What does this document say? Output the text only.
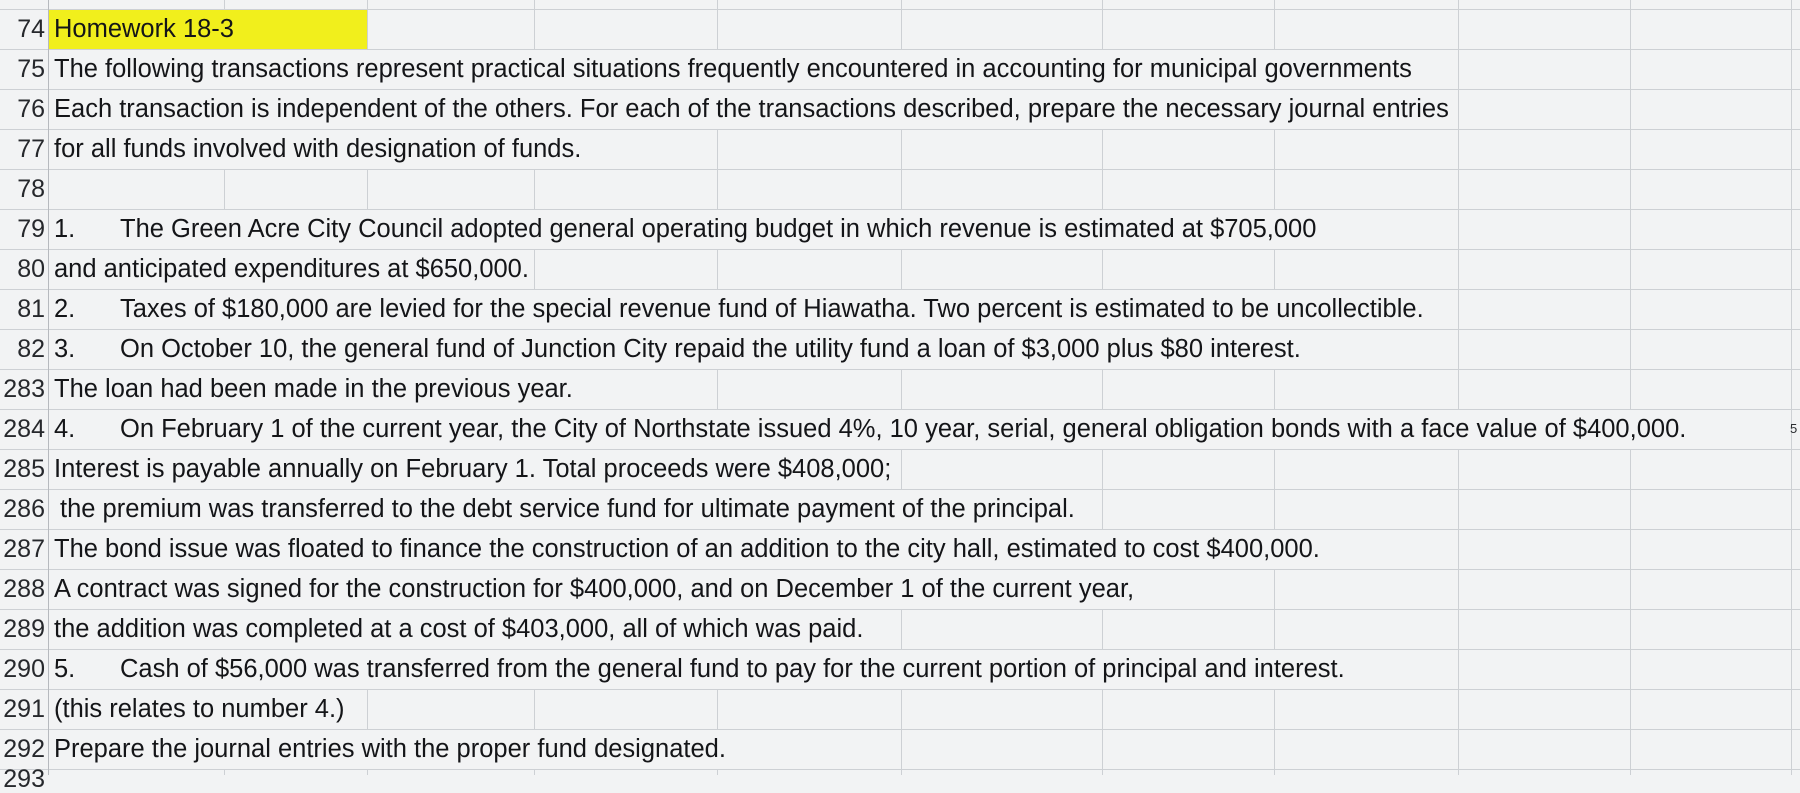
74 Homework 18-3
75 The following transactions represent practical situations frequently encountered in accounting for municipal governments
76 Each transaction is independent of the others. For each of the transactions described, prepare the necessary journal entries
77 for all funds involved with designation of funds.
78
79 1. The Green Acre City Council adopted general operating budget in which revenue is estimated at $705,000
80 and anticipated expenditures at $650,000.
81 2. Taxes of $180,000 are levied for the special revenue fund of Hiawatha. Two percent is estimated to be uncollectible.
82 3. On October 10, the general fund of Junction City repaid the utility fund a loan of $3,000 plus $80 interest.
283 The loan had been made in the previous year.
284 4. On February 1 of the current year, the City of Northstate issued 4%, 10 year, serial, general obligation bonds with a face value of $400,000.	5
285 Interest is payable annually on February 1. Total proceeds were $408,000;
286 the premium was transferred to the debt service fund for ultimate payment of the principal.
287 The bond issue was floated to finance the construction of an addition to the city hall, estimated to cost $400,000.
288 A contract was signed for the construction for $400,000, and on December 1 of the current year,
289 the addition was completed at a cost of $403,000, all of which was paid.
290 5. Cash of $56,000 was transferred from the general fund to pay for the current portion of principal and interest.
291 (this relates to number 4.)
292 Prepare the journal entries with the proper fund designated.
293
